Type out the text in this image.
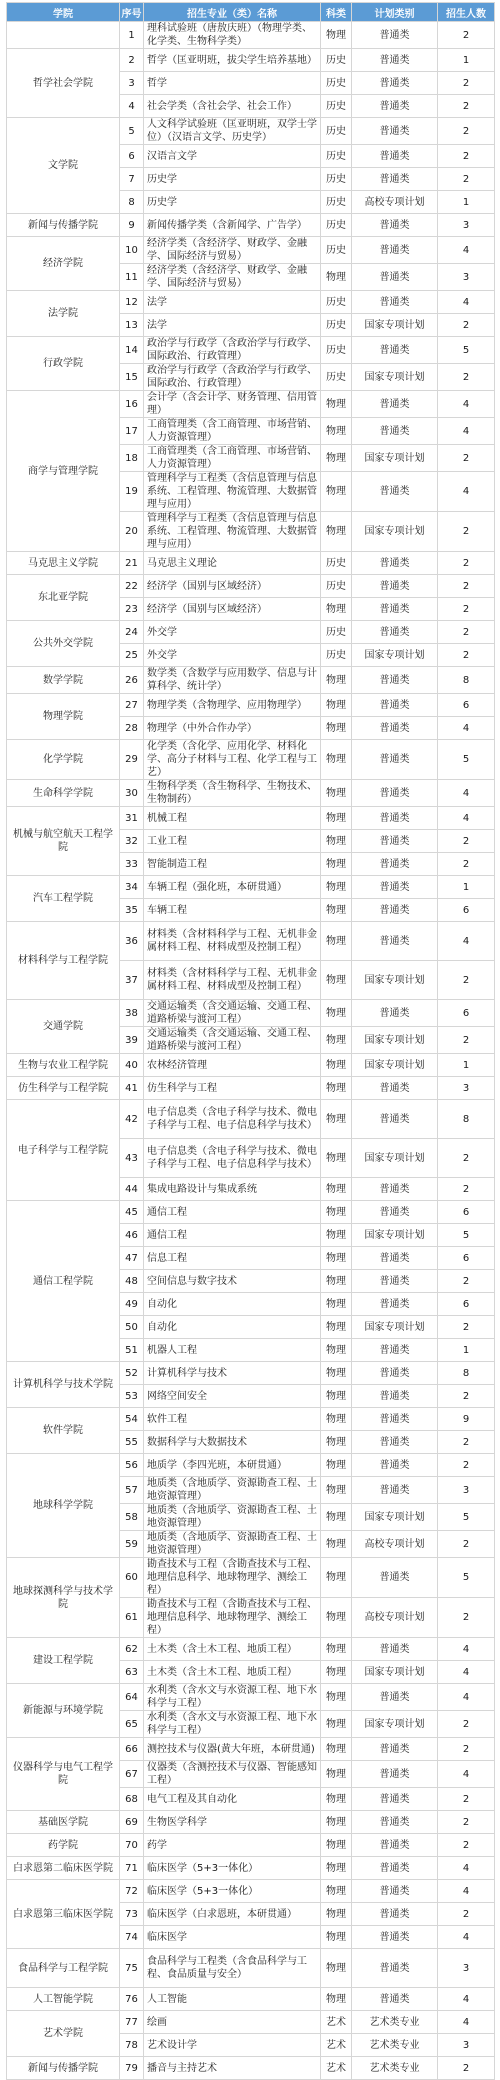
学院	序号	招生专业（类）名称	科类	计划类别	招生人数
	1	理科试验班（唐敖庆班）（物理学类、化学类、生物科学类）	物理	普通类	2
哲学社会学院	2	哲学（匡亚明班，拔尖学生培养基地）	历史	普通类	1
	3	哲学	历史	普通类	2
	4	社会学类（含社会学、社会工作）	历史	普通类	2
文学院	5	人文科学试验班（匡亚明班，双学士学位）（汉语言文学、历史学）	历史	普通类	2
	6	汉语言文学	历史	普通类	2
	7	历史学	历史	普通类	2
	8	历史学	历史	高校专项计划	1
新闻与传播学院	9	新闻传播学类（含新闻学、广告学）	历史	普通类	3
经济学院	10	经济学类（含经济学、财政学、金融学、国际经济与贸易）	历史	普通类	4
	11	经济学类（含经济学、财政学、金融学、国际经济与贸易）	物理	普通类	3
法学院	12	法学	历史	普通类	4
	13	法学	历史	国家专项计划	2
行政学院	14	政治学与行政学（含政治学与行政学、国际政治、行政管理）	历史	普通类	5
	15	政治学与行政学（含政治学与行政学、国际政治、行政管理）	历史	国家专项计划	2
商学与管理学院	16	会计学（含会计学、财务管理、信用管理）	物理	普通类	4
	17	工商管理类（含工商管理、市场营销、人力资源管理）	物理	普通类	4
	18	工商管理类（含工商管理、市场营销、人力资源管理）	物理	国家专项计划	2
	19	管理科学与工程类（含信息管理与信息系统、工程管理、物流管理、大数据管理与应用）	物理	普通类	4
	20	管理科学与工程类（含信息管理与信息系统、工程管理、物流管理、大数据管理与应用）	物理	国家专项计划	2
马克思主义学院	21	马克思主义理论	历史	普通类	2
东北亚学院	22	经济学（国别与区域经济）	历史	普通类	2
	23	经济学（国别与区域经济）	物理	普通类	2
公共外交学院	24	外交学	历史	普通类	2
	25	外交学	历史	国家专项计划	2
数学学院	26	数学类（含数学与应用数学、信息与计算科学、统计学）	物理	普通类	8
物理学院	27	物理学类（含物理学、应用物理学）	物理	普通类	6
	28	物理学（中外合作办学）	物理	普通类	4
化学学院	29	化学类（含化学、应用化学、材料化学、高分子材料与工程、化学工程与工艺）	物理	普通类	5
生命科学学院	30	生物科学类（含生物科学、生物技术、生物制药）	物理	普通类	4
机械与航空航天工程学院	31	机械工程	物理	普通类	4
	32	工业工程	物理	普通类	2
	33	智能制造工程	物理	普通类	2
汽车工程学院	34	车辆工程（强化班，本研贯通）	物理	普通类	1
	35	车辆工程	物理	普通类	6
材料科学与工程学院	36	材料类（含材料科学与工程、无机非金属材料工程、材料成型及控制工程）	物理	普通类	4
	37	材料类（含材料科学与工程、无机非金属材料工程、材料成型及控制工程）	物理	国家专项计划	2
交通学院	38	交通运输类（含交通运输、交通工程、道路桥梁与渡河工程）	物理	普通类	6
	39	交通运输类（含交通运输、交通工程、道路桥梁与渡河工程）	物理	国家专项计划	2
生物与农业工程学院	40	农林经济管理	物理	国家专项计划	1
仿生科学与工程学院	41	仿生科学与工程	物理	普通类	3
电子科学与工程学院	42	电子信息类（含电子科学与技术、微电子科学与工程、电子信息科学与技术）	物理	普通类	8
	43	电子信息类（含电子科学与技术、微电子科学与工程、电子信息科学与技术）	物理	国家专项计划	2
	44	集成电路设计与集成系统	物理	普通类	2
通信工程学院	45	通信工程	物理	普通类	6
	46	通信工程	物理	国家专项计划	5
	47	信息工程	物理	普通类	6
	48	空间信息与数字技术	物理	普通类	2
	49	自动化	物理	普通类	6
	50	自动化	物理	国家专项计划	2
	51	机器人工程	物理	普通类	1
计算机科学与技术学院	52	计算机科学与技术	物理	普通类	8
	53	网络空间安全	物理	普通类	2
软件学院	54	软件工程	物理	普通类	9
	55	数据科学与大数据技术	物理	普通类	2
地球科学学院	56	地质学（李四光班，本研贯通）	物理	普通类	2
	57	地质类（含地质学、资源勘查工程、土地资源管理）	物理	普通类	3
	58	地质类（含地质学、资源勘查工程、土地资源管理）	物理	国家专项计划	5
	59	地质类（含地质学、资源勘查工程、土地资源管理）	物理	高校专项计划	2
地球探测科学与技术学院	60	勘查技术与工程（含勘查技术与工程、地理信息科学、地球物理学、测绘工程）	物理	普通类	5
	61	勘查技术与工程（含勘查技术与工程、地理信息科学、地球物理学、测绘工程）	物理	高校专项计划	2
建设工程学院	62	土木类（含土木工程、地质工程）	物理	普通类	4
	63	土木类（含土木工程、地质工程）	物理	国家专项计划	4
新能源与环境学院	64	水利类（含水文与水资源工程、地下水科学与工程）	物理	普通类	4
	65	水利类（含水文与水资源工程、地下水科学与工程）	物理	国家专项计划	2
仪器科学与电气工程学院	66	测控技术与仪器(黄大年班，本研贯通)	物理	普通类	2
	67	仪器类（含测控技术与仪器、智能感知工程）	物理	普通类	4
	68	电气工程及其自动化	物理	普通类	2
基础医学院	69	生物医学科学	物理	普通类	2
药学院	70	药学	物理	普通类	2
白求恩第二临床医学院	71	临床医学（5+3一体化）	物理	普通类	4
白求恩第三临床医学院	72	临床医学（5+3一体化）	物理	普通类	4
	73	临床医学（白求恩班，本研贯通）	物理	普通类	2
	74	临床医学	物理	普通类	4
食品科学与工程学院	75	食品科学与工程类（含食品科学与工程、食品质量与安全）	物理	普通类	3
人工智能学院	76	人工智能	物理	普通类	4
艺术学院	77	绘画	艺术	艺术类专业	4
	78	艺术设计学	艺术	艺术类专业	3
新闻与传播学院	79	播音与主持艺术	艺术	艺术类专业	2
